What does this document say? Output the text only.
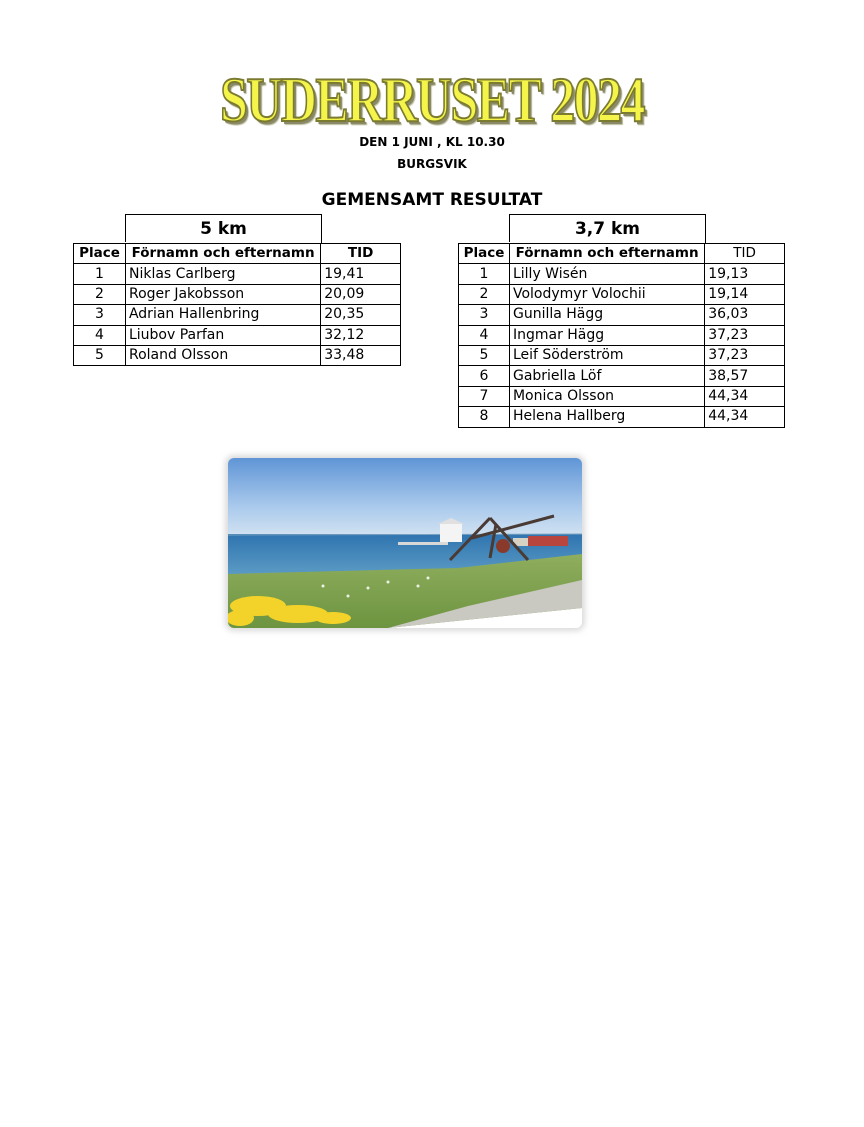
SUDERRUSET 2024
DEN 1 JUNI , KL 10.30
BURGSVIK
GEMENSAMT RESULTAT
5 km
Place	Förnamn och efternamn	TID
1	Niklas Carlberg	19,41
2	Roger Jakobsson	20,09
3	Adrian Hallenbring	20,35
4	Liubov Parfan	32,12
5	Roland Olsson	33,48
3,7 km
Place	Förnamn och efternamn	TID
1	Lilly Wisén	19,13
2	Volodymyr Volochii	19,14
3	Gunilla Hägg	36,03
4	Ingmar Hägg	37,23
5	Leif Söderström	37,23
6	Gabriella Löf	38,57
7	Monica Olsson	44,34
8	Helena Hallberg	44,34
